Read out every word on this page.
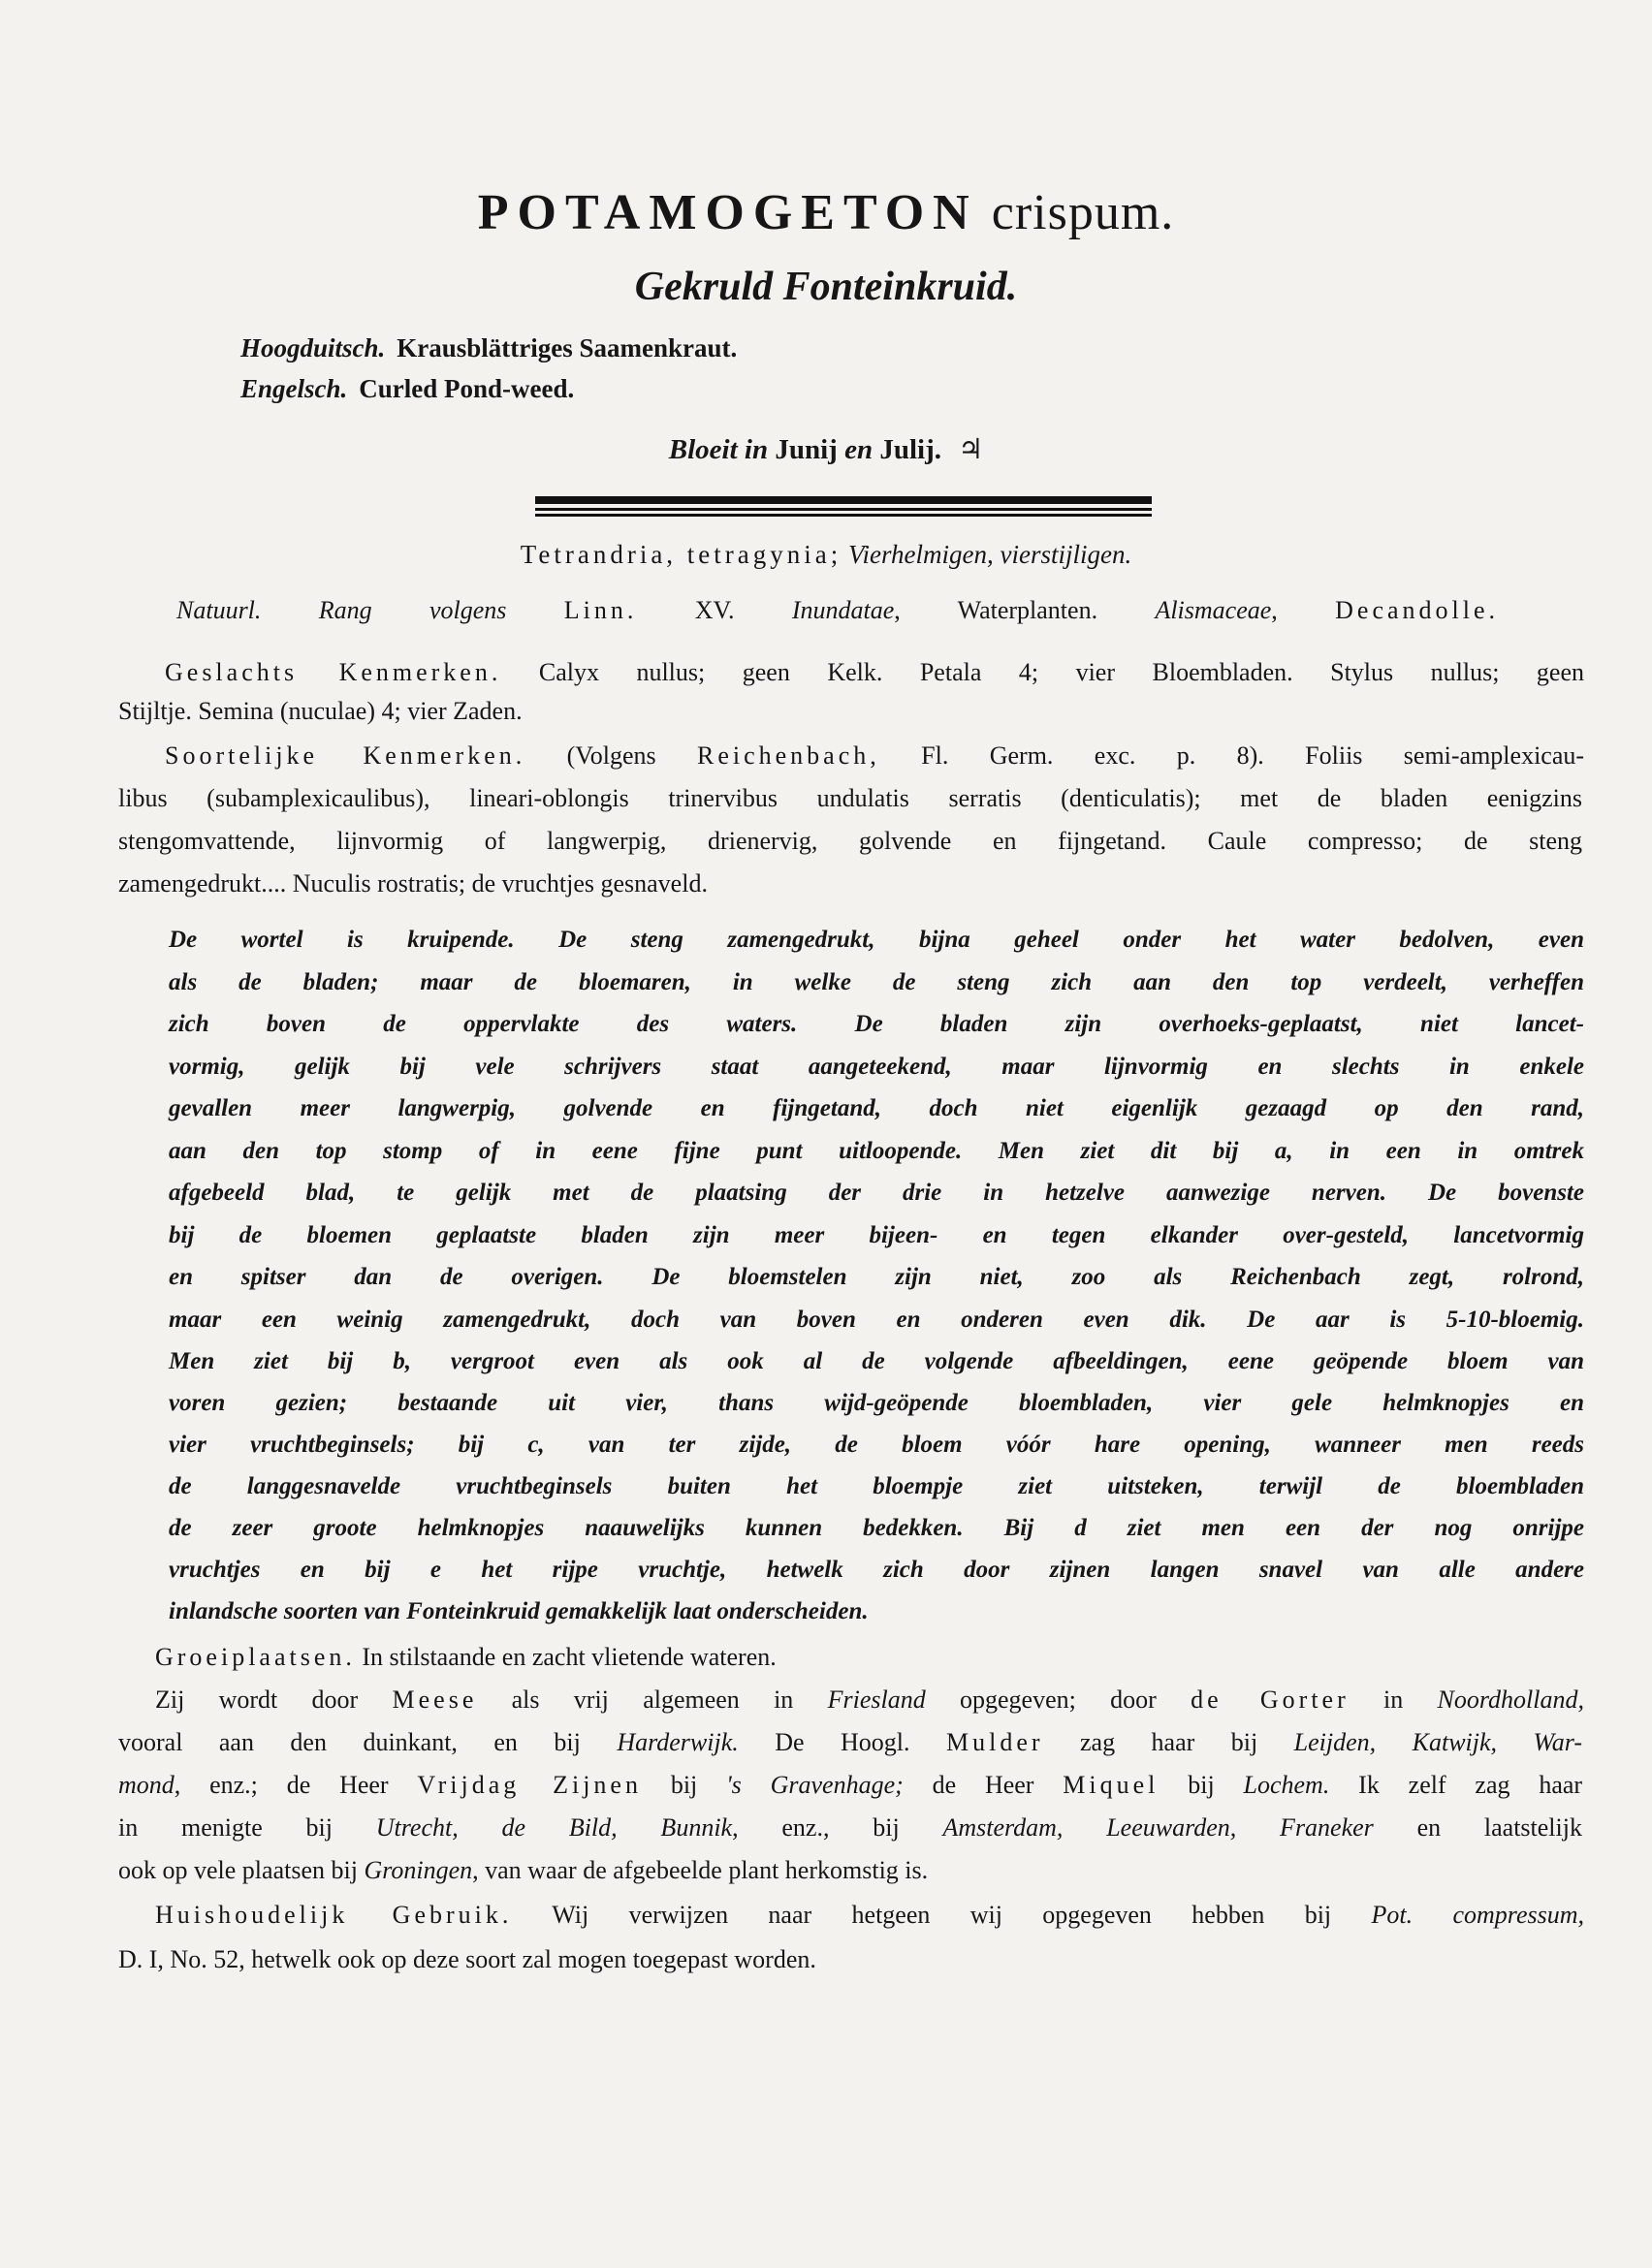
POTAMOGETON crispum.
Gekruld Fonteinkruid.
Hoogduitsch. Krausblättriges Saamenkraut.
Engelsch. Curled Pond-weed.
Bloeit in Junij en Julij. ♃
Tetrandria, tetragynia; Vierhelmigen, vierstijligen.
Natuurl. Rang volgens Linn. XV. Inundatae, Waterplanten. Alismaceae, Decandolle.
Geslachts Kenmerken. Calyx nullus; geen Kelk. Petala 4; vier Bloembladen. Stylus nullus; geen
Stijltje. Semina (nuculae) 4; vier Zaden.
Soortelijke Kenmerken. (Volgens Reichenbach, Fl. Germ. exc. p. 8). Foliis semi-amplexicau-
libus (subamplexicaulibus), lineari-oblongis trinervibus undulatis serratis (denticulatis); met de bladen eenigzins
stengomvattende, lijnvormig of langwerpig, drienervig, golvende en fijngetand. Caule compresso; de steng
zamengedrukt.... Nuculis rostratis; de vruchtjes gesnaveld.
De wortel is kruipende. De steng zamengedrukt, bijna geheel onder het water bedolven, even
als de bladen; maar de bloemaren, in welke de steng zich aan den top verdeelt, verheffen
zich boven de oppervlakte des waters. De bladen zijn overhoeks-geplaatst, niet lancet-
vormig, gelijk bij vele schrijvers staat aangeteekend, maar lijnvormig en slechts in enkele
gevallen meer langwerpig, golvende en fijngetand, doch niet eigenlijk gezaagd op den rand,
aan den top stomp of in eene fijne punt uitloopende. Men ziet dit bij a, in een in omtrek
afgebeeld blad, te gelijk met de plaatsing der drie in hetzelve aanwezige nerven. De bovenste
bij de bloemen geplaatste bladen zijn meer bijeen- en tegen elkander over-gesteld, lancetvormig
en spitser dan de overigen. De bloemstelen zijn niet, zoo als Reichenbach zegt, rolrond,
maar een weinig zamengedrukt, doch van boven en onderen even dik. De aar is 5-10-bloemig.
Men ziet bij b, vergroot even als ook al de volgende afbeeldingen, eene geöpende bloem van
voren gezien; bestaande uit vier, thans wijd-geöpende bloembladen, vier gele helmknopjes en
vier vruchtbeginsels; bij c, van ter zijde, de bloem vóór hare opening, wanneer men reeds
de langgesnavelde vruchtbeginsels buiten het bloempje ziet uitsteken, terwijl de bloembladen
de zeer groote helmknopjes naauwelijks kunnen bedekken. Bij d ziet men een der nog onrijpe
vruchtjes en bij e het rijpe vruchtje, hetwelk zich door zijnen langen snavel van alle andere
inlandsche soorten van Fonteinkruid gemakkelijk laat onderscheiden.
Groeiplaatsen. In stilstaande en zacht vlietende wateren.
Zij wordt door Meese als vrij algemeen in Friesland opgegeven; door de Gorter in Noordholland,
vooral aan den duinkant, en bij Harderwijk. De Hoogl. Mulder zag haar bij Leijden, Katwijk, War-
mond, enz.; de Heer Vrijdag Zijnen bij 's Gravenhage; de Heer Miquel bij Lochem. Ik zelf zag haar
in menigte bij Utrecht, de Bild, Bunnik, enz., bij Amsterdam, Leeuwarden, Franeker en laatstelijk
ook op vele plaatsen bij Groningen, van waar de afgebeelde plant herkomstig is.
Huishoudelijk Gebruik. Wij verwijzen naar hetgeen wij opgegeven hebben bij Pot. compressum,
D. I, No. 52, hetwelk ook op deze soort zal mogen toegepast worden.
